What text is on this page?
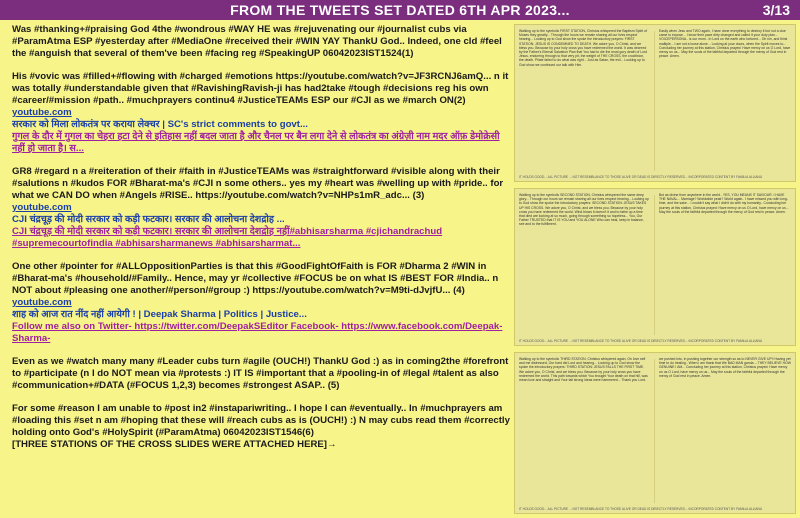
FROM THE TWEETS SET DATED 6TH APR 2023...	3/13

Was #thanking+#praising God 4the #wondrous #WAY HE was #rejuvenating our #journalist cubs via #ParamAtma ESP #yesterday after #MediaOne #received their #WIN YAY ThankU God.. Indeed, one cld #feel the #anguish that several of them've been #facing reg #SpeakingUP 06042023IST1524(1)

His #vovic was #filled+#flowing with #charged #emotions https://youtube.com/watch?v=JF3RCNJ6amQ... n it was totally #understandable given that #RavishingRavish-ji has had2take #tough #decisions reg his own #career/#mission #path.. #muchprayers continu4 #JusticeTEAMs ESP our #CJI as we #march ON(2)

youtube.com
सरकार को मिला लोकतंत्र पर कराया लेक्चर | SC's strict comments to govt...

गुगल के दौर में गुगल का चेहरा हटा देने से इतिहास नहीं बदल जाता है और चैनल पर बैन लगा देने से लोकतंत्र का अंग्रेज़ी नाम मदर ऑफ़ डेमोक्रेसी नहीं हो जाता है। स...

GR8 #regard n a #reiteration of their #faith in #JusticeTEAMs was #straightforward #visible along with their #salutions n #kudos FOR #Bharat-ma's #CJI n some others.. yes my #heart was #welling up with #pride.. for what we CAN DO when #Angels #RISE.. https://youtube.com/watch?v=NHPs1mR_adc... (3)

youtube.com
CJI चंद्रचूड़ की मोदी सरकार को कड़ी फटकार। सरकार की आलोचना देशद्रोह ...

CJI चंद्रचूड़ की मोदी सरकार को कड़ी फटकार। सरकार की आलोचना देशद्रोह नहीं#abhisarsharma #cjichandrachud #supremecourtofindia #abhisarsharmanews #abhisarsharmat...

One other #pointer for #ALLOppositionParties is that this #GoodFightOfFaith is FOR #Dharma 2 #WIN in #Bharat-ma's #household/#Family.. Hence, may yr #collective #FOCUS be on what IS #BEST FOR #India.. n NOT about #pleasing one another/#person/#group :) https://youtube.com/watch?v=M9ti-dJvjfU... (4)

youtube.com
शाह को आज रात नींद नहीं आयेगी ! | Deepak Sharma | Politics | Justice...

Follow me also on Twitter- https://twitter.com/DeepakSEditor Facebook- https://www.facebook.com/Deepak-Sharma-

Even as we #watch many many #Leader cubs turn #agile (OUCH!) ThankU God :) as in coming2the #forefront to #participate (n I do NOT mean via #protests :) IT IS #important that a #pooling-in of #legal #talent as also #communication+#DATA (#FOCUS 1,2,3) becomes #strongest ASAP.. (5)

For some #reason I am unable to #post in2 #instapariwriting.. I hope I can #eventually.. In #muchprayers am #loading this #set n am #hoping that these will #reach cubs as is (OUCH!) :) N may cubs read them #correctly holding onto God's #HolySpirit (#ParamAtma) 06042023IST1546(6)

[THREE STATIONS OF THE CROSS SLIDES WERE ATTACHED HERE]→
Walking up to the symbolic FIRST STATION, Christus whispered the Baptism Spirit of Moses they greatly... Through the hours we remain sharing all our lives respect hearing... Looking up to God show the spoke the introductory prayers: FIRST STATION: JESUS IS CONDEMNED TO DEATH. We adore you, O Christ, and we bless you. Because by your holy cross you have redeemed the world. It was decreed by the Father's Eternal Salvation Plan that You had to die the most gory death of Lord Jesus, endurring through to that very pit, the weight of THE CROSS, the crucifixion, the death. Pilate failed to do what was right... Just as Satan, the evil... Looking up to God show we continued our talk with Him.
Easily when Jesu and TWO again, I have done everything to destroy it but not a clue came to expose... I know their pace dirty changed and called it your duty plan... VOICEPERSONA.. is our mom.. In Lord on the earth who tortured... Oh nin, and think maltiple... I am not a loose alone... Looking at your doors, when the Spirit moves to... Concluding her journey at this station, Christus prayed: Have mercy on us O Lord, have mercy on us... May the souls of the faithful departed through the mercy of God rest in peace. Amen.
IT HOLDS GOOD... ALL PICTURE ... NOT RESEMBLANCE TO THOSE ALIVE OR DEAD IS DIRECTLY RESERVED... INCORPORATED CONTENT BY FAMILIA ALLIANU
Walking up to the symbolic SECOND STATION, Christus whispered the same deep glory... Through our hours we remain sharing all our lives respect hearing... Looking up to God show the spoke the introductory prayers: SECOND STATION: JESUS TAKES UP HIS CROSS. We adore you, O Christ, and we bless you. Because by your holy cross you have redeemed the world. Wind blows it doesn't it and to fathe up a time that died are looking at so much, going through something so hopeless... You, Our Father TRUSTED that IT IS YOU and YOU ALONE Who can heal, keep in balance, see and to the fulfillment.
But as divine from anywhere in the world.. YES, YOU MEANS IT SAVIOUR. I HAVE THE NAVAL... Marriage? Worldwide peak? World again.. I have missed you with long- time, and the sake... I couldn't say what I didn't do with my humanity.. Concluding her journey at this station, Christus prayed: Have mercy on us O Lord, have mercy on us... May the souls of the faithful departed through the mercy of God rest in peace. Amen.
IT HOLDS GOOD... ALL PICTURE ... NOT RESEMBLANCE TO THOSE ALIVE OR DEAD IS DIRECTLY RESERVED... INCORPORATED CONTENT BY FAMILIA ALLIANU
Walking up to the symbolic THIRD STATION, Christus whispered again, On love self and me distressed, Our hard did Lord and hearing... Looking up to God show the spoke the introductory prayers: THIRD STATION: JESUS FALLS THE FIRST TIME. We adore you, O Christ, and we bless you. Because by your holy cross you have redeemed the world. This path towards which You brought Your death on that hill, was mean love and straight and Your tall strong ideas were hammered... Thank you Lord.
we pushed into, in pushing together our strength so as to NEVER GIVE UP!! Having yet time to do healing.. When I am thank that We BAD MAN ganda -- THEY BELIEVE HOW GENUINE I AM... Concluding her journey at this station, Christus prayed: Have mercy on us O Lord, have mercy on us... May the souls of the faithful departed through the mercy of God rest in peace. Amen.
IT HOLDS GOOD... ALL PICTURE ... NOT RESEMBLANCE TO THOSE ALIVE OR DEAD IS DIRECTLY RESERVED... INCORPORATED CONTENT BY FAMILIA ALLIANU
